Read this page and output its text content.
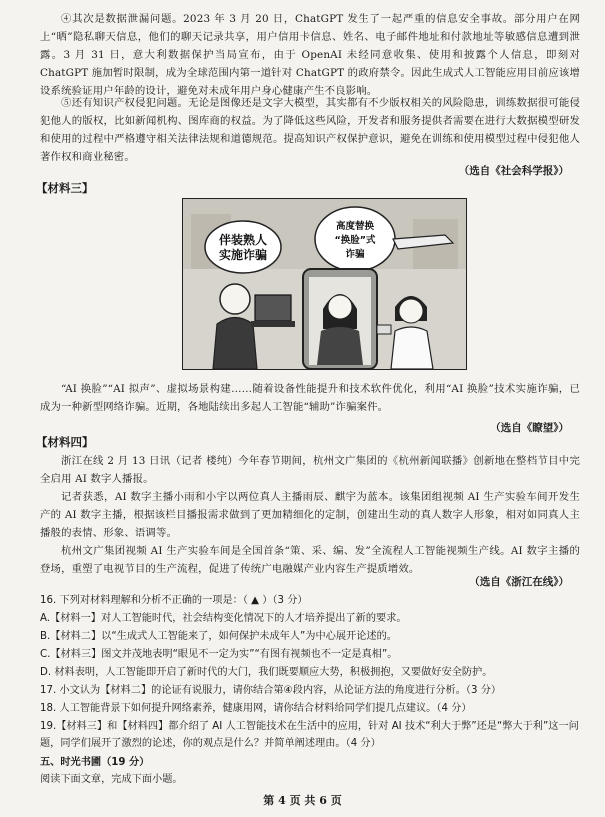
④其次是数据泄漏问题。2023 年 3 月 20 日，ChatGPT 发生了一起严重的信息安全事故。部分用户在网上“晒”隐私聊天信息，他们的聊天记录共享，用户信用卡信息、姓名、电子邮件地址和付款地址等敏感信息遭到泄露。3 月 31 日，意大利数据保护当局宣布，由于 OpenAI 未经同意收集、使用和披露个人信息，即刻对 ChatGPT 施加暂时限制，成为全球范围内第一道针对 ChatGPT 的政府禁令。因此生成式人工智能应用目前应该增设系统验证用户年龄的设计，避免对未成年用户身心健康产生不良影响。

⑤还有知识产权侵犯问题。无论是图像还是文字大模型，其实都有不少版权相关的风险隐患，训练数据很可能侵犯他人的版权，比如新闻机构、图库商的权益。为了降低这些风险，开发者和服务提供者需要在进行大数据模型研发和使用的过程中严格遵守相关法律法规和道德规范。提高知识产权保护意识，避免在训练和使用模型过程中侵犯他人著作权和商业秘密。

（选自《社会科学报》）
【材料三】
伴装熟人
实施诈骗
高度替换
“换脸”式
诈骗

“AI 换脸”“AI 拟声”、虚拟场景构建……随着设备性能提升和技术软件优化，利用“AI 换脸”技术实施诈骗，已成为一种新型网络诈骗。近期，各地陆续出多起人工智能“辅助”诈骗案件。

（选自《瞭望》）
【材料四】

浙江在线 2 月 13 日讯（记者 楼纯）今年春节期间，杭州文广集团的《杭州新闻联播》创新地在整档节目中完全启用 AI 数字人播报。

记者获悉，AI 数字主播小雨和小宇以两位真人主播雨辰、麒宇为蓝本。该集团组视频 AI 生产实验车间开发生产的 AI 数字主播，根据该栏目播报需求做到了更加精细化的定制，创建出生动的真人数字人形象，相对如同真人主播般的表情、形象、语调等。

杭州文广集团视频 AI 生产实验车间是全国首条“策、采、编、发”全流程人工智能视频生产线。AI 数字主播的登场，重塑了电视节目的生产流程，促进了传统广电融媒产业内容生产提质增效。

（选自《浙江在线》）

16. 下列对材料理解和分析不正确的一项是：（ ▲ ）（3 分）

A.【材料一】对人工智能时代，社会结构变化情况下的人才培养提出了新的要求。

B.【材料二】以“生成式人工智能来了，如何保护未成年人”为中心展开论述的。

C.【材料三】图文并茂地表明“眼见不一定为实”“有图有视频也不一定是真相”。

D. 材料表明，人工智能即开启了新时代的大门，我们既要顺应大势，积极拥抱，又要做好安全防护。

17. 小文认为【材料二】的论证有说服力，请你结合第④段内容，从论证方法的角度进行分析。（3 分）

18. 人工智能背景下如何提升网络素养，健康用网，请你结合材料给同学们提几点建议。（4 分）

19.【材料三】和【材料四】都介绍了 AI 人工智能技术在生活中的应用，针对 AI 技术“利大于弊”还是“弊大于利”这一问题，同学们展开了激烈的论述，你的观点是什么？并简单阐述理由。（4 分）

五、时光书圃（19 分）

阅读下面文章，完成下面小题。

第 4 页 共 6 页
